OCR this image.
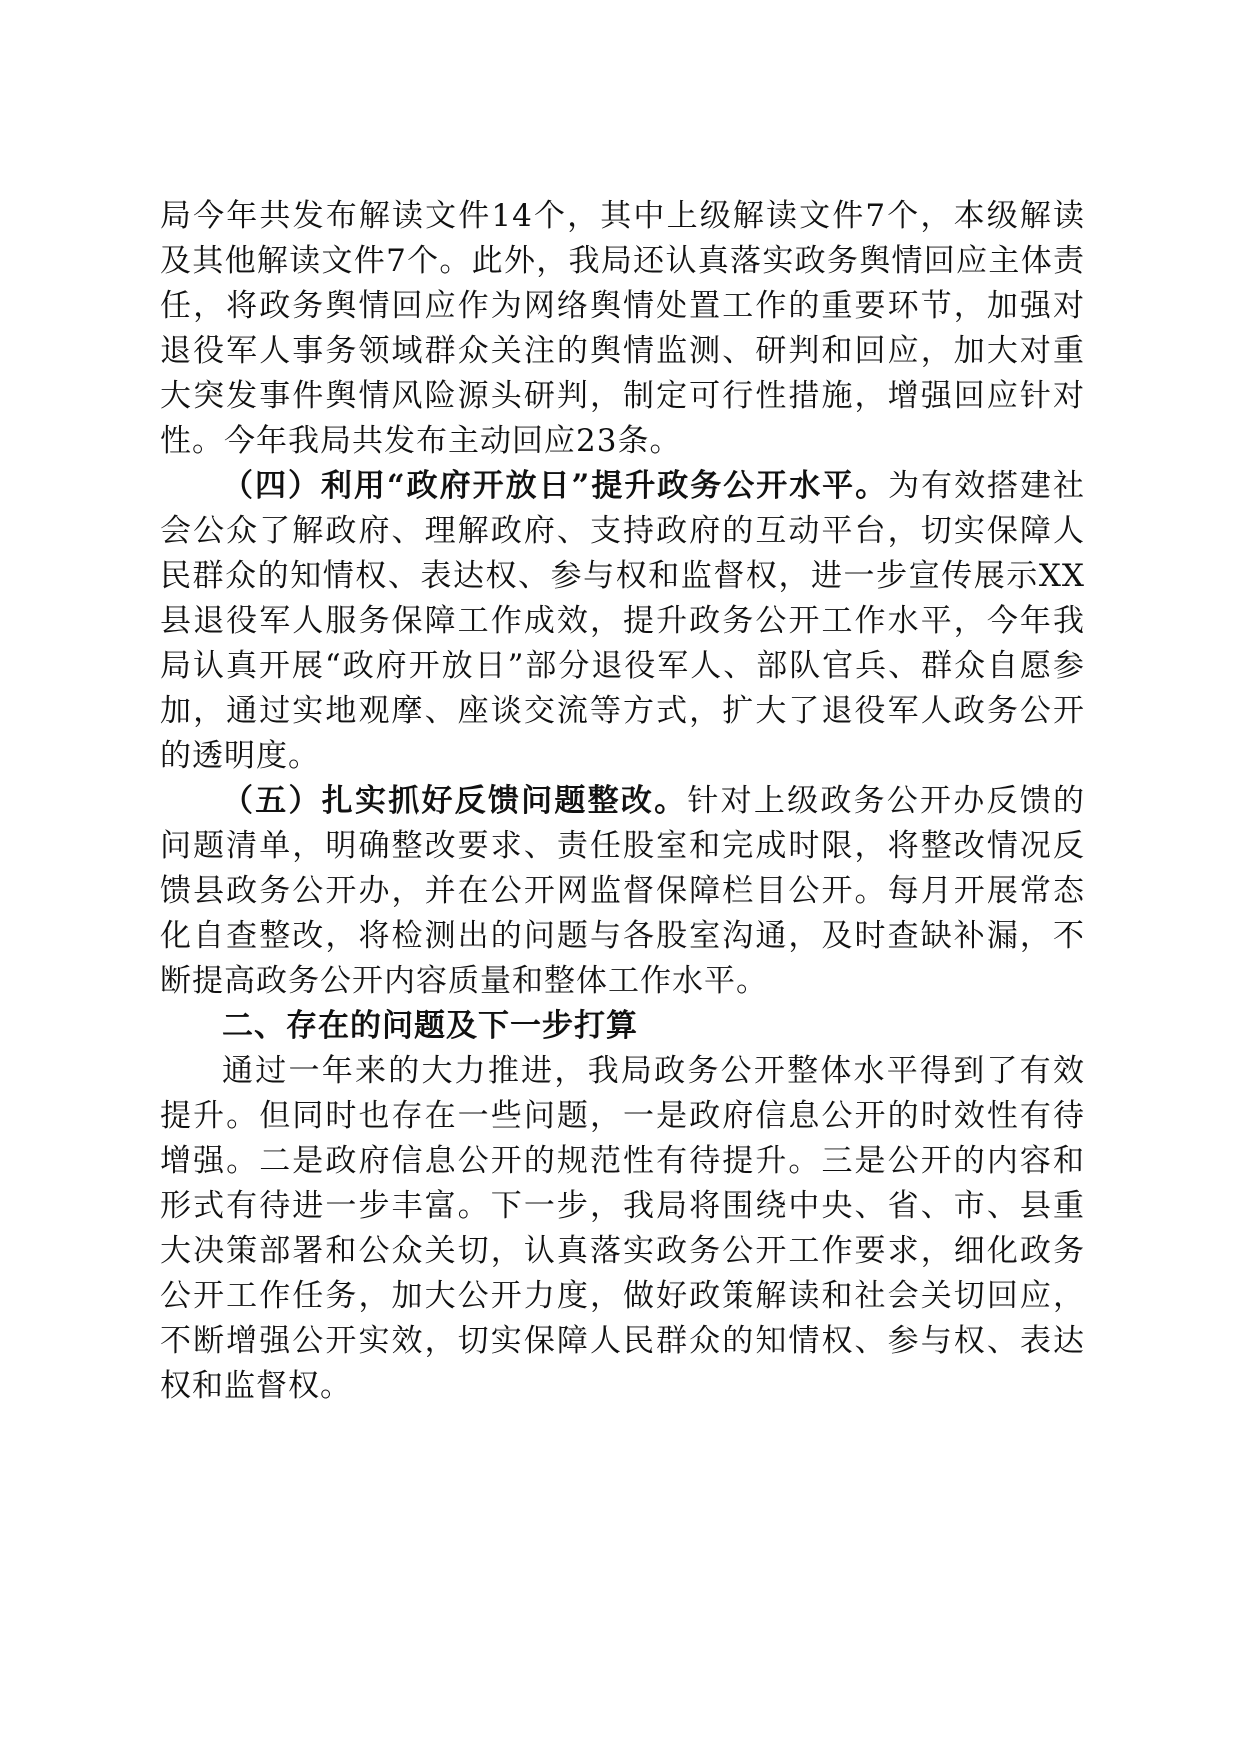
局今年共发布解读文件14个，其中上级解读文件7个，本级解读及其他解读文件7个。此外，我局还认真落实政务舆情回应主体责任，将政务舆情回应作为网络舆情处置工作的重要环节，加强对退役军人事务领域群众关注的舆情监测、研判和回应，加大对重大突发事件舆情风险源头研判，制定可行性措施，增强回应针对性。今年我局共发布主动回应23条。

（四）利用“政府开放日”提升政务公开水平。为有效搭建社会公众了解政府、理解政府、支持政府的互动平台，切实保障人民群众的知情权、表达权、参与权和监督权，进一步宣传展示XX县退役军人服务保障工作成效，提升政务公开工作水平，今年我局认真开展“政府开放日”部分退役军人、部队官兵、群众自愿参加，通过实地观摩、座谈交流等方式，扩大了退役军人政务公开的透明度。

（五）扎实抓好反馈问题整改。针对上级政务公开办反馈的问题清单，明确整改要求、责任股室和完成时限，将整改情况反馈县政务公开办，并在公开网监督保障栏目公开。每月开展常态化自查整改，将检测出的问题与各股室沟通，及时查缺补漏，不断提高政务公开内容质量和整体工作水平。

二、存在的问题及下一步打算

通过一年来的大力推进，我局政务公开整体水平得到了有效提升。但同时也存在一些问题，一是政府信息公开的时效性有待增强。二是政府信息公开的规范性有待提升。三是公开的内容和形式有待进一步丰富。下一步，我局将围绕中央、省、市、县重大决策部署和公众关切，认真落实政务公开工作要求，细化政务公开工作任务，加大公开力度，做好政策解读和社会关切回应，不断增强公开实效，切实保障人民群众的知情权、参与权、表达权和监督权。
